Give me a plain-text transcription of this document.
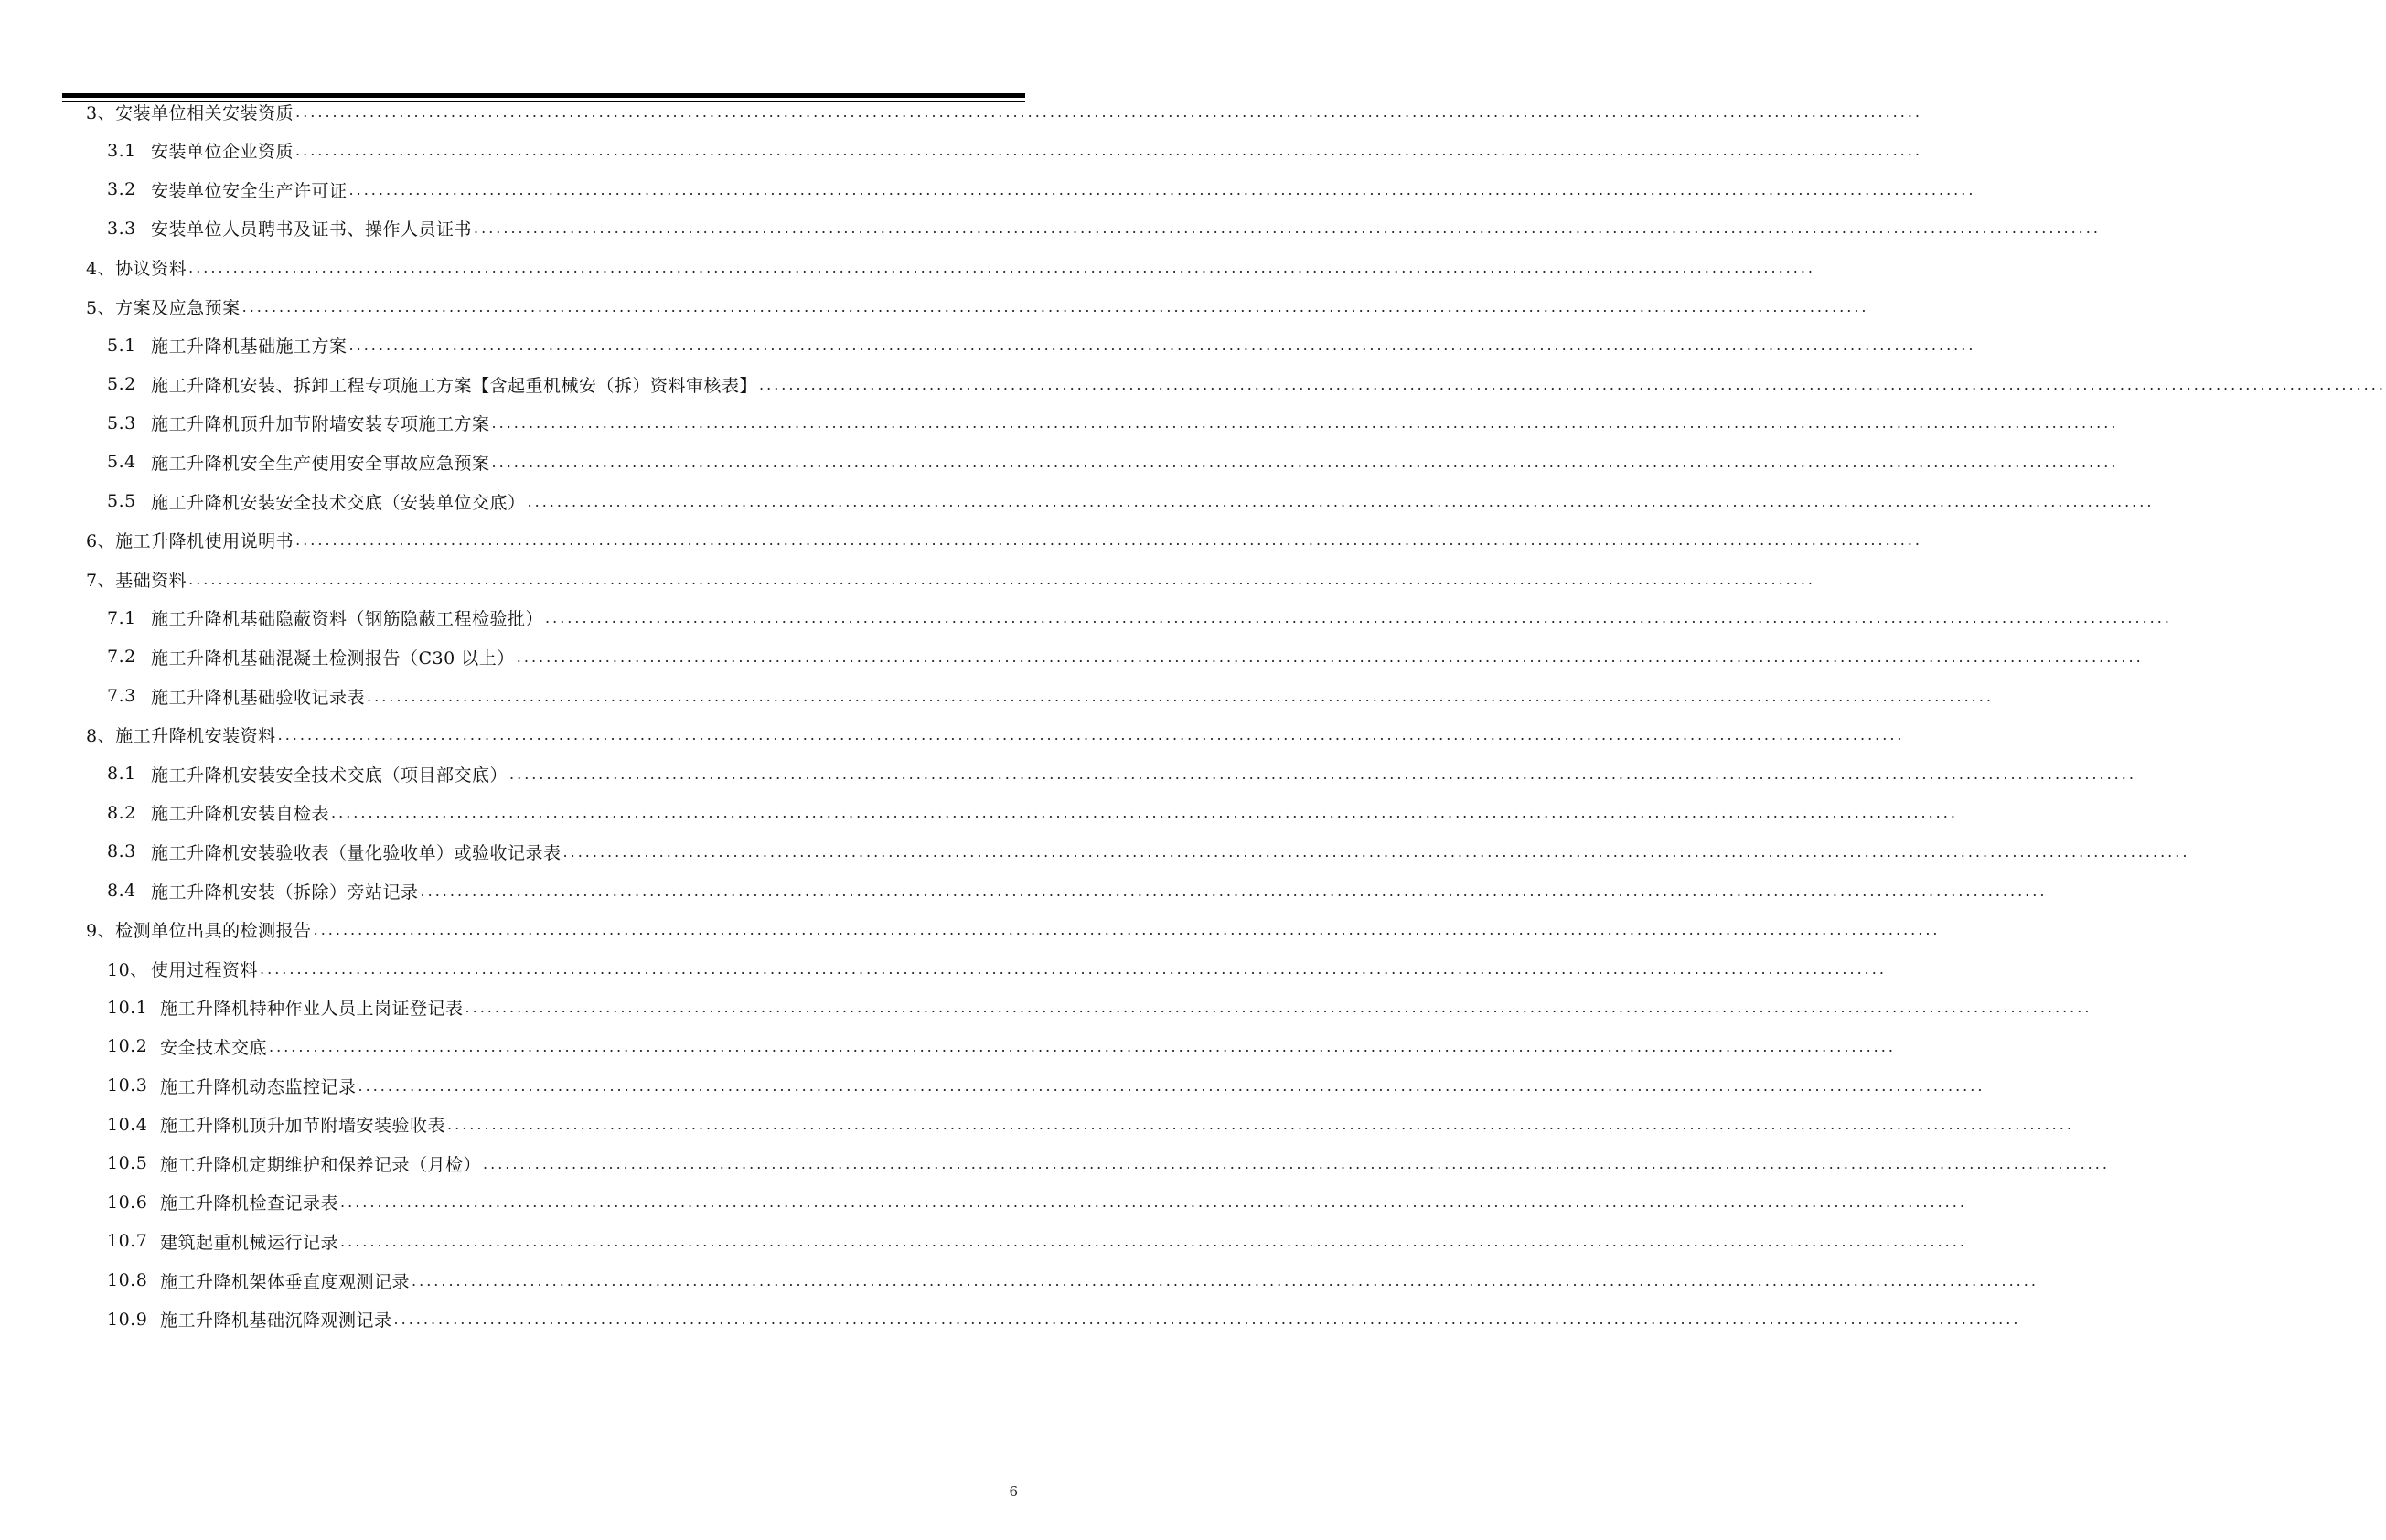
3、 安装单位相关安装资质 ............................................................................................................................................................................................................................
3.1 安装单位企业资质 ............................................................................................................................................................................................................................
3.2 安装单位安全生产许可证 ............................................................................................................................................................................................................................
3.3 安装单位人员聘书及证书、操作人员证书 ............................................................................................................................................................................................................................
4、 协议资料 ............................................................................................................................................................................................................................
5、 方案及应急预案 ............................................................................................................................................................................................................................
5.1 施工升降机基础施工方案 ............................................................................................................................................................................................................................
5.2 施工升降机安装、拆卸工程专项施工方案【含起重机械安（拆）资料审核表】 ............................................................................................................................................................................................................................
5.3 施工升降机顶升加节附墙安装专项施工方案 ............................................................................................................................................................................................................................
5.4 施工升降机安全生产使用安全事故应急预案 ............................................................................................................................................................................................................................
5.5 施工升降机安装安全技术交底（安装单位交底） ............................................................................................................................................................................................................................
6、 施工升降机使用说明书 ............................................................................................................................................................................................................................
7、 基础资料 ............................................................................................................................................................................................................................
7.1 施工升降机基础隐蔽资料（钢筋隐蔽工程检验批） ............................................................................................................................................................................................................................
7.2 施工升降机基础混凝土检测报告（C30 以上） ............................................................................................................................................................................................................................
7.3 施工升降机基础验收记录表 ............................................................................................................................................................................................................................
8、 施工升降机安装资料 ............................................................................................................................................................................................................................
8.1 施工升降机安装安全技术交底（项目部交底） ............................................................................................................................................................................................................................
8.2 施工升降机安装自检表 ............................................................................................................................................................................................................................
8.3 施工升降机安装验收表（量化验收单）或验收记录表 ............................................................................................................................................................................................................................
8.4 施工升降机安装（拆除）旁站记录 ............................................................................................................................................................................................................................
9、 检测单位出具的检测报告 ............................................................................................................................................................................................................................
10、 使用过程资料 ............................................................................................................................................................................................................................
10.1 施工升降机特种作业人员上岗证登记表 ............................................................................................................................................................................................................................
10.2 安全技术交底 ............................................................................................................................................................................................................................
10.3 施工升降机动态监控记录 ............................................................................................................................................................................................................................
10.4 施工升降机顶升加节附墙安装验收表 ............................................................................................................................................................................................................................
10.5 施工升降机定期维护和保养记录（月检） ............................................................................................................................................................................................................................
10.6 施工升降机检查记录表 ............................................................................................................................................................................................................................
10.7 建筑起重机械运行记录 ............................................................................................................................................................................................................................
10.8 施工升降机架体垂直度观测记录 ............................................................................................................................................................................................................................
10.9 施工升降机基础沉降观测记录 ............................................................................................................................................................................................................................
6
